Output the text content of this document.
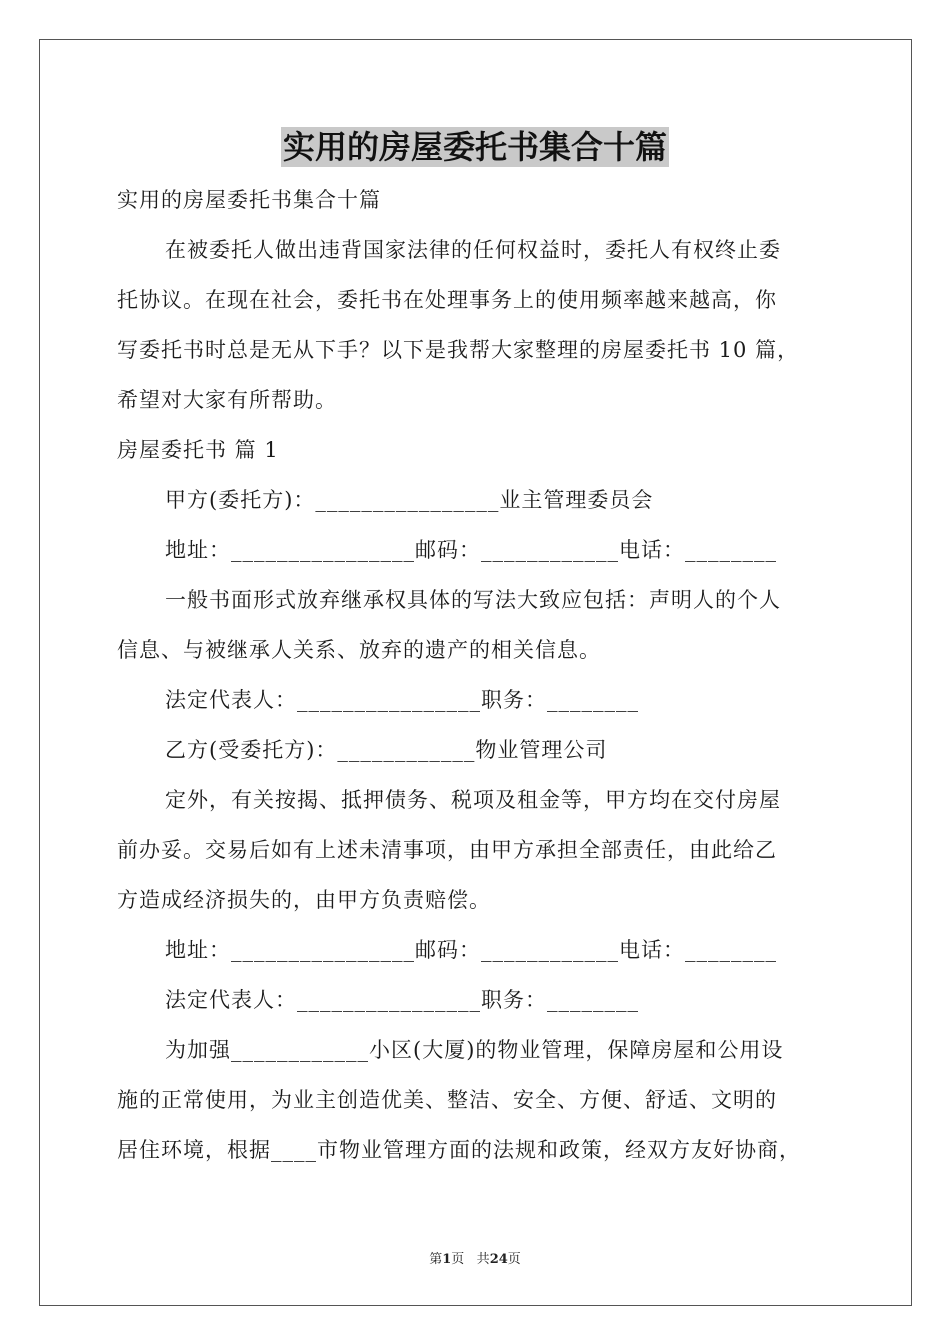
实用的房屋委托书集合十篇
实用的房屋委托书集合十篇
在被委托人做出违背国家法律的任何权益时，委托人有权终止委
托协议。在现在社会，委托书在处理事务上的使用频率越来越高，你
写委托书时总是无从下手？以下是我帮大家整理的房屋委托书 10 篇，
希望对大家有所帮助。
房屋委托书 篇 1
甲方(委托方)：________________业主管理委员会
地址：________________邮码：____________电话：________
一般书面形式放弃继承权具体的写法大致应包括：声明人的个人
信息、与被继承人关系、放弃的遗产的相关信息。
法定代表人：________________职务：________
乙方(受委托方)：____________物业管理公司
定外，有关按揭、抵押债务、税项及租金等，甲方均在交付房屋
前办妥。交易后如有上述未清事项，由甲方承担全部责任，由此给乙
方造成经济损失的，由甲方负责赔偿。
地址：________________邮码：____________电话：________
法定代表人：________________职务：________
为加强____________小区(大厦)的物业管理，保障房屋和公用设
施的正常使用，为业主创造优美、整洁、安全、方便、舒适、文明的
居住环境，根据____市物业管理方面的法规和政策，经双方友好协商，
第1页 共24页
